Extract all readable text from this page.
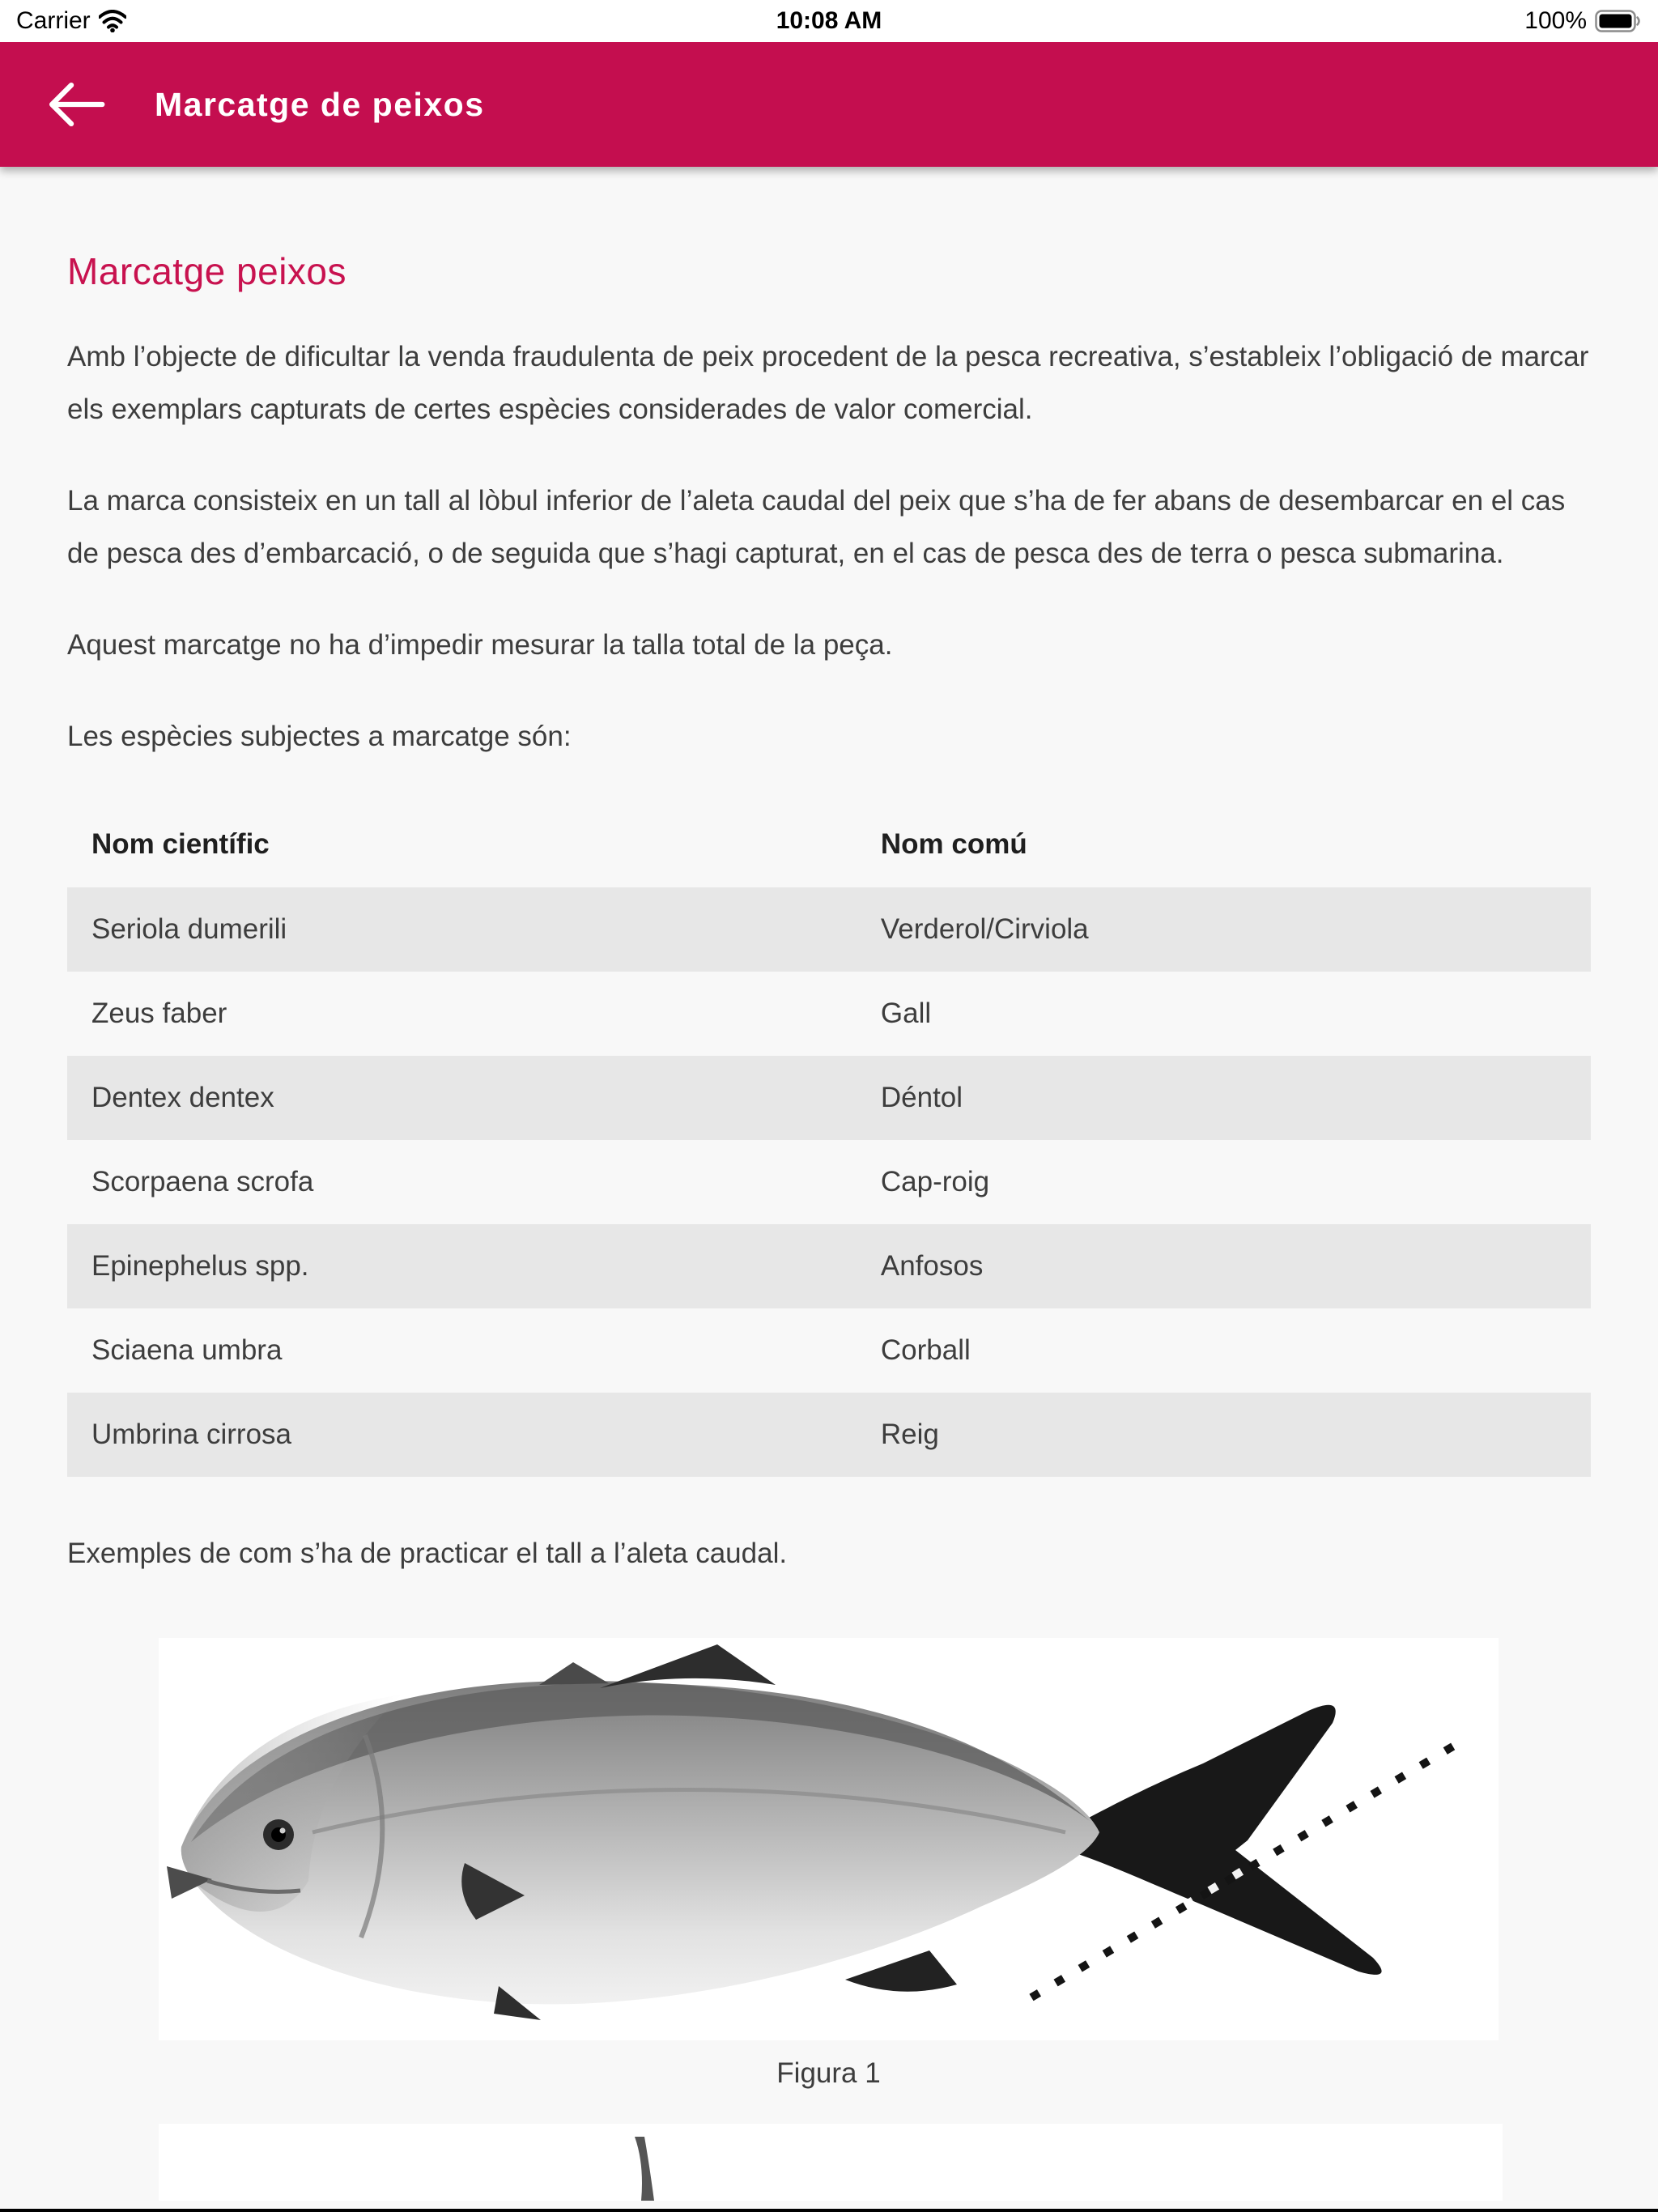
Carrier	10:08 AM	100%
Marcatge de peixos
Marcatge peixos

Amb l’objecte de dificultar la venda fraudulenta de peix procedent de la pesca recreativa, s’estableix l’obligació de marcar els exemplars capturats de certes espècies considerades de valor comercial.

La marca consisteix en un tall al lòbul inferior de l’aleta caudal del peix que s’ha de fer abans de desembarcar en el cas de pesca des d’embarcació, o de seguida que s’hagi capturat, en el cas de pesca des de terra o pesca submarina.

Aquest marcatge no ha d’impedir mesurar la talla total de la peça.

Les espècies subjectes a marcatge són:

Nom científic	Nom comú
Seriola dumerili	Verderol/Cirviola
Zeus faber	Gall
Dentex dentex	Déntol
Scorpaena scrofa	Cap-roig
Epinephelus spp.	Anfosos
Sciaena umbra	Corball
Umbrina cirrosa	Reig

Exemples de com s’ha de practicar el tall a l’aleta caudal.

Figura 1
